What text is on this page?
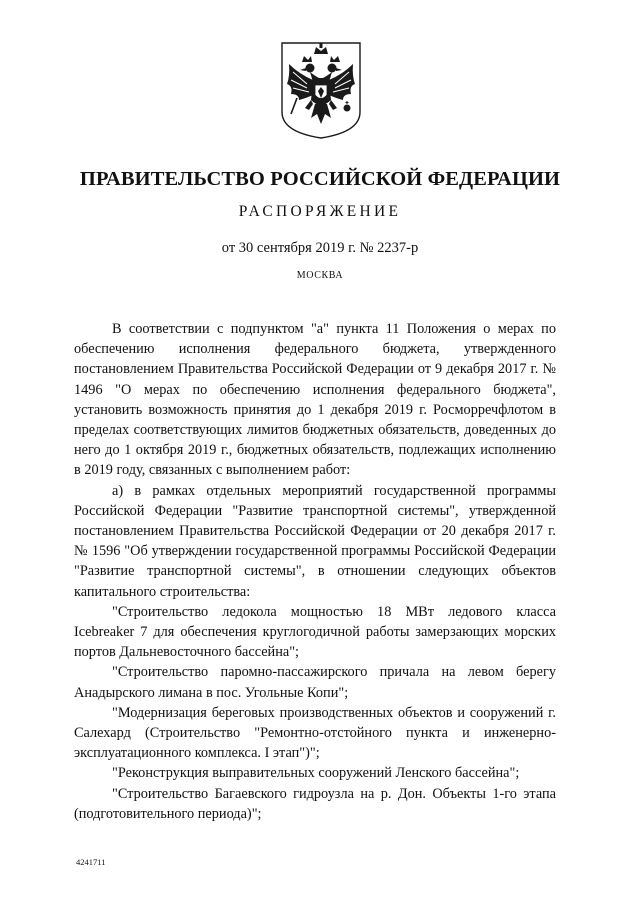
ПРАВИТЕЛЬСТВО РОССИЙСКОЙ ФЕДЕРАЦИИ
РАСПОРЯЖЕНИЕ
от 30 сентября 2019 г. № 2237-р
МОСКВА

В соответствии с подпунктом "а" пункта 11 Положения о мерах по обеспечению исполнения федерального бюджета, утвержденного постановлением Правительства Российской Федерации от 9 декабря 2017 г. № 1496 "О мерах по обеспечению исполнения федерального бюджета", установить возможность принятия до 1 декабря 2019 г. Росморречфлотом в пределах соответствующих лимитов бюджетных обязательств, доведенных до него до 1 октября 2019 г., бюджетных обязательств, подлежащих исполнению в 2019 году, связанных с выполнением работ:

а) в рамках отдельных мероприятий государственной программы Российской Федерации "Развитие транспортной системы", утвержденной постановлением Правительства Российской Федерации от 20 декабря 2017 г. № 1596 "Об утверждении государственной программы Российской Федерации "Развитие транспортной системы", в отношении следующих объектов капитального строительства:

"Строительство ледокола мощностью 18 МВт ледового класса Icebreaker 7 для обеспечения круглогодичной работы замерзающих морских портов Дальневосточного бассейна";

"Строительство паромно-пассажирского причала на левом берегу Анадырского лимана в пос. Угольные Копи";

"Модернизация береговых производственных объектов и сооружений г. Салехард (Строительство "Ремонтно-отстойного пункта и инженерно-эксплуатационного комплекса. I этап")";

"Реконструкция выправительных сооружений Ленского бассейна";

"Строительство Багаевского гидроузла на р. Дон. Объекты 1-го этапа (подготовительного периода)";

4241711
